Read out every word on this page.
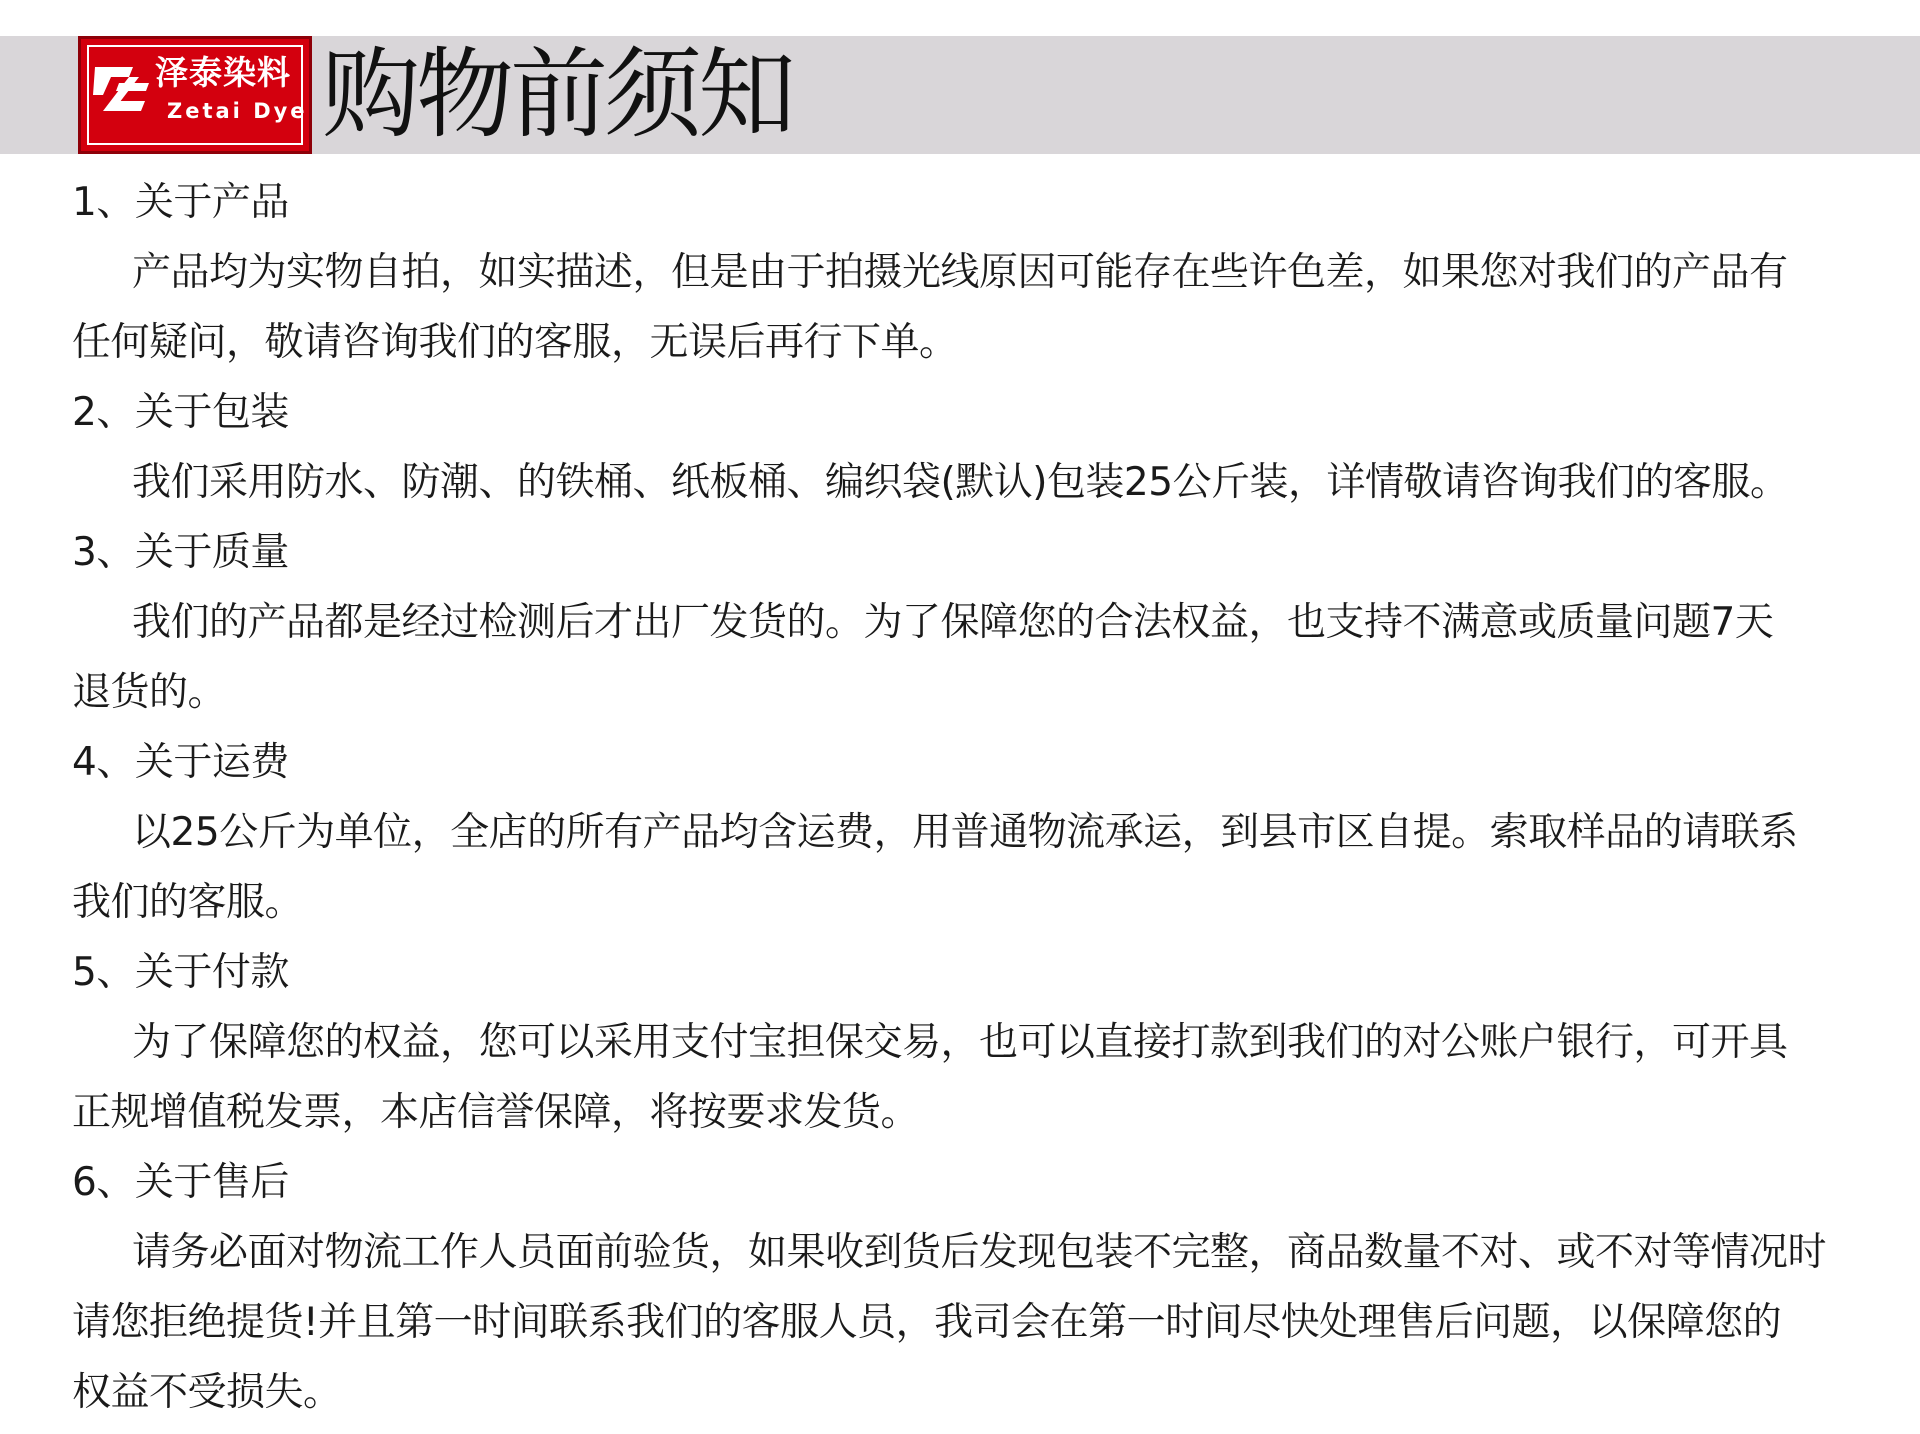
泽泰染料
Zetai Dye 购物前须知
1、关于产品
产品均为实物自拍，如实描述，但是由于拍摄光线原因可能存在些许色差，如果您对我们的产品有
任何疑问，敬请咨询我们的客服，无误后再行下单。
2、关于包装
我们采用防水、防潮、的铁桶、纸板桶、编织袋(默认)包装25公斤装，详情敬请咨询我们的客服。
3、关于质量
我们的产品都是经过检测后才出厂发货的。为了保障您的合法权益，也支持不满意或质量问题7天
退货的。
4、关于运费
以25公斤为单位，全店的所有产品均含运费，用普通物流承运，到县市区自提。索取样品的请联系
我们的客服。
5、关于付款
为了保障您的权益，您可以采用支付宝担保交易，也可以直接打款到我们的对公账户银行，可开具
正规增值税发票，本店信誉保障，将按要求发货。
6、关于售后
请务必面对物流工作人员面前验货，如果收到货后发现包装不完整，商品数量不对、或不对等情况时
请您拒绝提货!并且第一时间联系我们的客服人员，我司会在第一时间尽快处理售后问题，以保障您的
权益不受损失。
